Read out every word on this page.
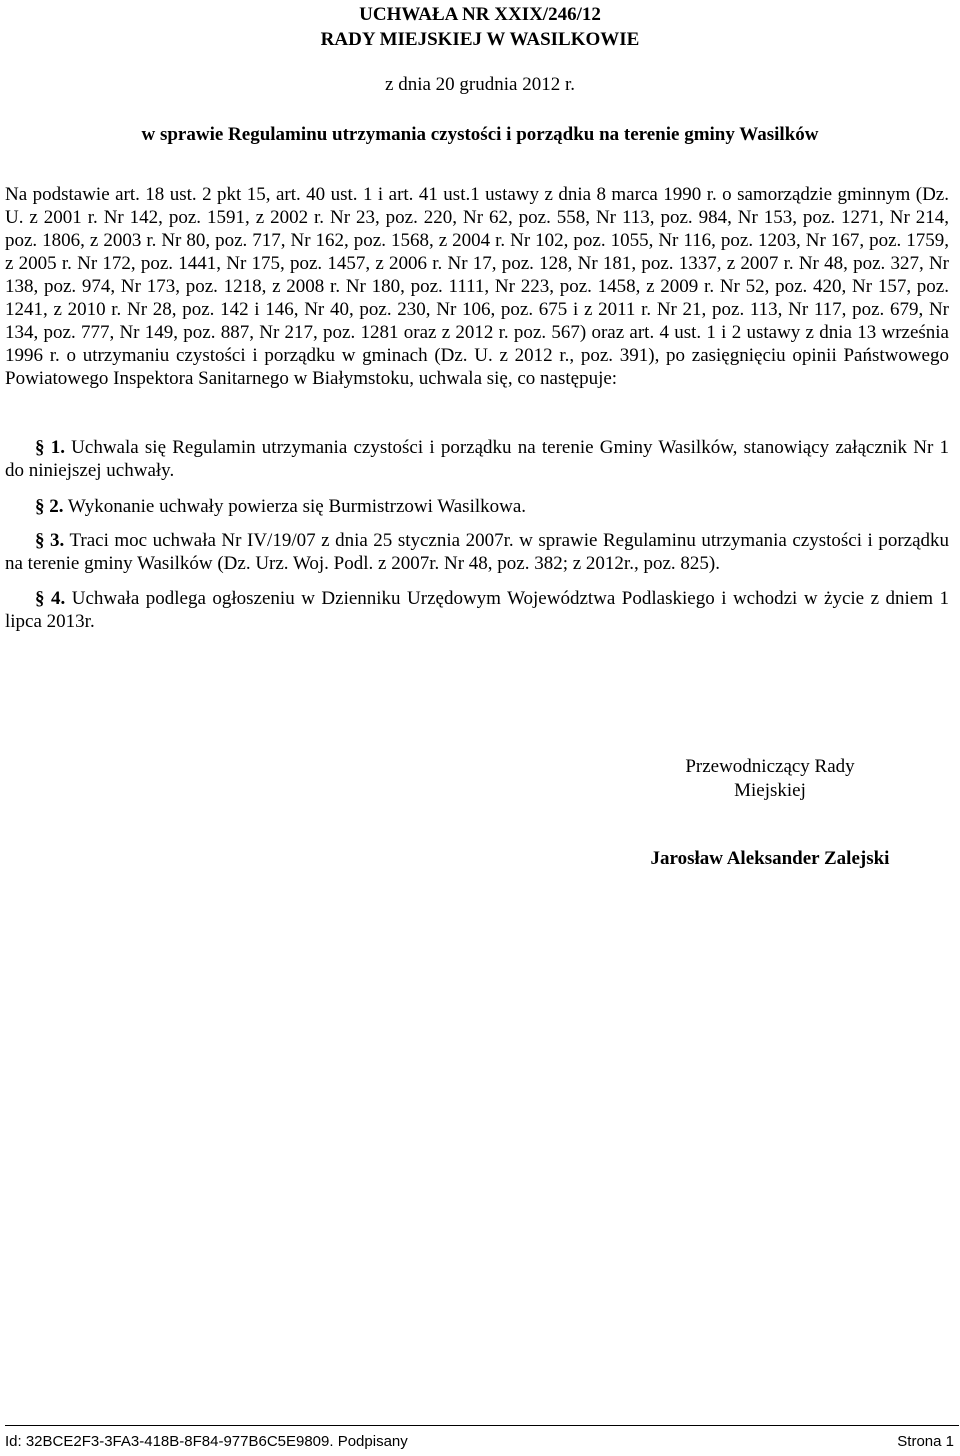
UCHWAŁA NR XXIX/246/12
RADY MIEJSKIEJ W WASILKOWIE
z dnia 20 grudnia 2012 r.
w sprawie Regulaminu utrzymania czystości i porządku na terenie gminy Wasilków
Na podstawie art. 18 ust. 2 pkt 15, art. 40 ust. 1 i art. 41 ust.1 ustawy z dnia 8 marca 1990 r. o samorządzie gminnym (Dz. U. z 2001 r. Nr 142, poz. 1591, z 2002 r. Nr 23, poz. 220, Nr 62, poz. 558, Nr 113, poz. 984, Nr 153, poz. 1271, Nr 214, poz. 1806, z 2003 r. Nr 80, poz. 717, Nr 162, poz. 1568, z 2004 r. Nr 102, poz. 1055, Nr 116, poz. 1203, Nr 167, poz. 1759, z 2005 r. Nr 172, poz. 1441, Nr 175, poz. 1457, z 2006 r. Nr 17, poz. 128, Nr 181, poz. 1337, z 2007 r. Nr 48, poz. 327, Nr 138, poz. 974, Nr 173, poz. 1218, z 2008 r. Nr 180, poz. 1111, Nr 223, poz. 1458, z 2009 r. Nr 52, poz. 420, Nr 157, poz. 1241, z 2010 r. Nr 28, poz. 142 i 146, Nr 40, poz. 230, Nr 106, poz. 675 i z 2011 r. Nr 21, poz. 113, Nr 117, poz. 679, Nr 134, poz. 777, Nr 149, poz. 887, Nr 217, poz. 1281 oraz z 2012 r. poz. 567) oraz art. 4 ust. 1 i 2 ustawy z dnia 13 września 1996 r. o utrzymaniu czystości i porządku w gminach (Dz. U. z 2012 r., poz. 391), po zasięgnięciu opinii Państwowego Powiatowego Inspektora Sanitarnego w Białymstoku, uchwala się, co następuje:
§ 1. Uchwala się Regulamin utrzymania czystości i porządku na terenie Gminy Wasilków, stanowiący załącznik Nr 1 do niniejszej uchwały.
§ 2. Wykonanie uchwały powierza się Burmistrzowi Wasilkowa.
§ 3. Traci moc uchwała Nr IV/19/07 z dnia 25 stycznia 2007r. w sprawie Regulaminu utrzymania czystości i porządku na terenie gminy Wasilków (Dz. Urz. Woj. Podl. z 2007r. Nr 48, poz. 382; z 2012r., poz. 825).
§ 4. Uchwała podlega ogłoszeniu w Dzienniku Urzędowym Województwa Podlaskiego i wchodzi w życie z dniem 1 lipca 2013r.
Przewodniczący Rady
Miejskiej
Jarosław Aleksander Zalejski
Id: 32BCE2F3-3FA3-418B-8F84-977B6C5E9809. Podpisany	Strona 1
